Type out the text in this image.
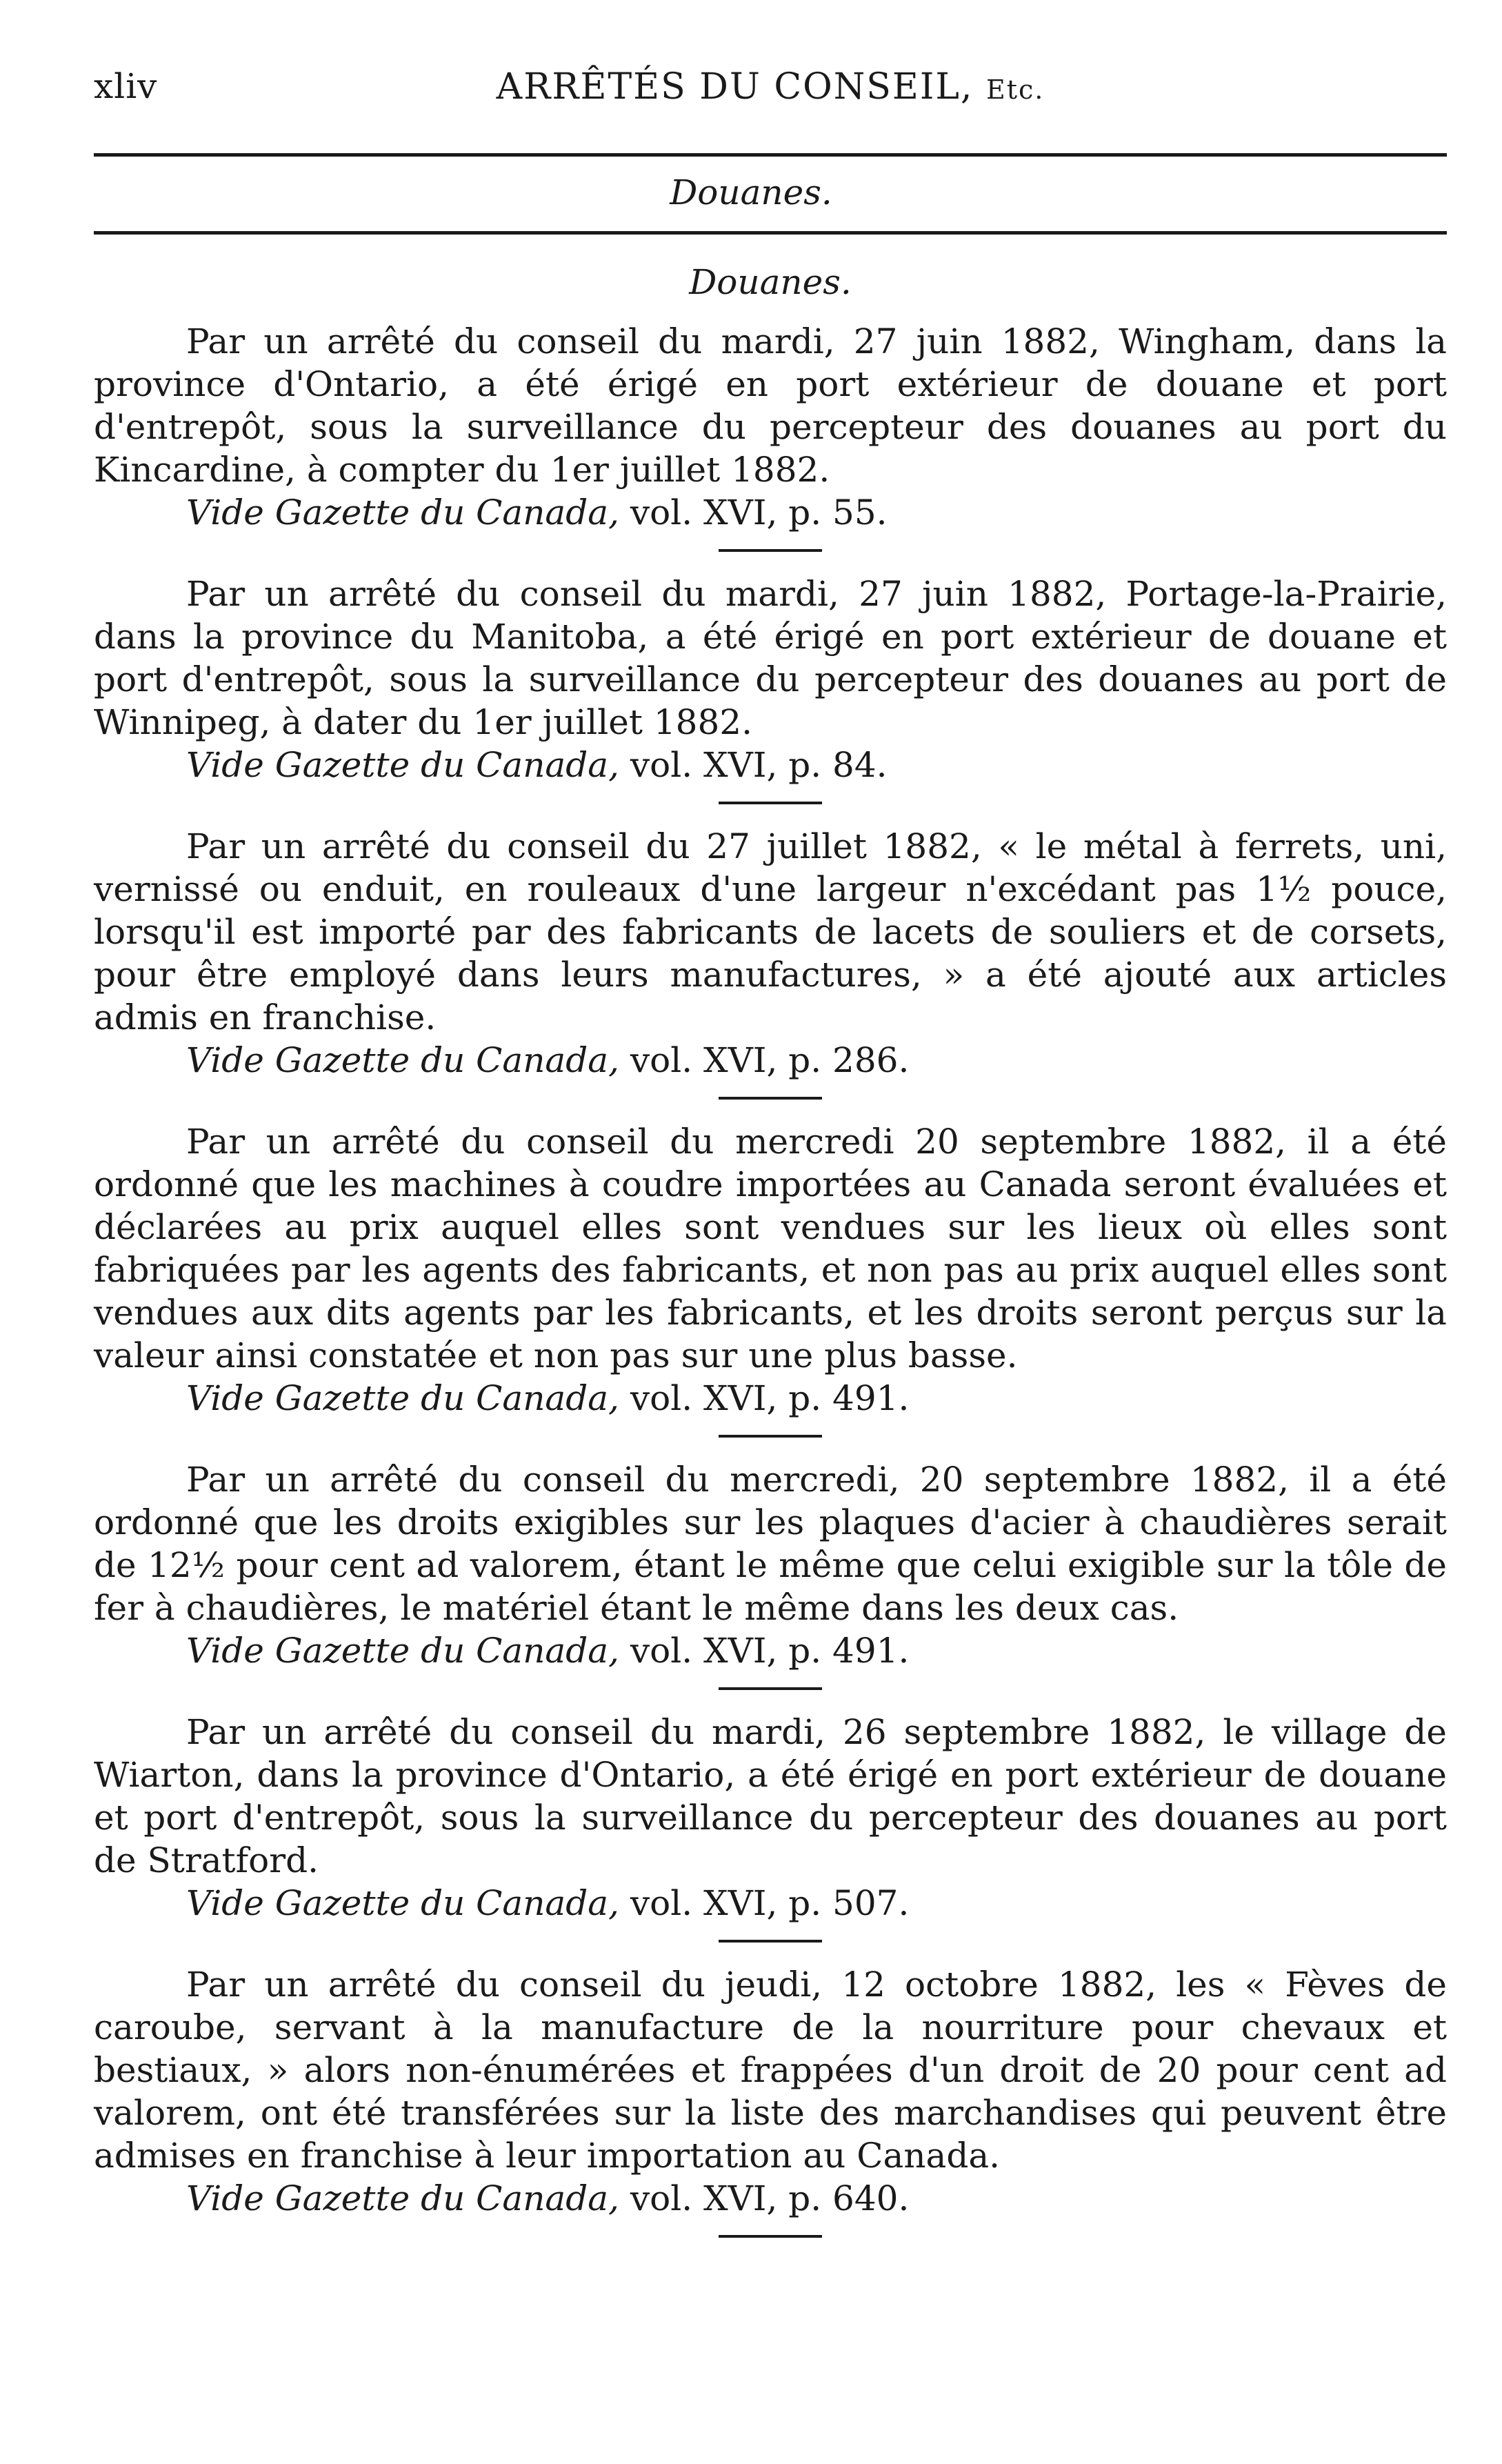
xliv	ARRÊTÉS DU CONSEIL, Etc.
Douanes.
Douanes.

Par un arrêté du conseil du mardi, 27 juin 1882, Wingham, dans la province d'Ontario, a été érigé en port extérieur de douane et port d'entrepôt, sous la surveillance du percepteur des douanes au port du Kincardine, à compter du 1er juillet 1882.

Vide Gazette du Canada, vol. XVI, p. 55.

Par un arrêté du conseil du mardi, 27 juin 1882, Portage-la-Prairie, dans la province du Manitoba, a été érigé en port extérieur de douane et port d'entrepôt, sous la surveillance du percepteur des douanes au port de Winnipeg, à dater du 1er juillet 1882.

Vide Gazette du Canada, vol. XVI, p. 84.

Par un arrêté du conseil du 27 juillet 1882, « le métal à ferrets, uni, vernissé ou enduit, en rouleaux d'une largeur n'excédant pas 1½ pouce, lorsqu'il est importé par des fabricants de lacets de souliers et de corsets, pour être employé dans leurs manufactures, » a été ajouté aux articles admis en franchise.

Vide Gazette du Canada, vol. XVI, p. 286.

Par un arrêté du conseil du mercredi 20 septembre 1882, il a été ordonné que les machines à coudre importées au Canada seront évaluées et déclarées au prix auquel elles sont vendues sur les lieux où elles sont fabriquées par les agents des fabricants, et non pas au prix auquel elles sont vendues aux dits agents par les fabricants, et les droits seront perçus sur la valeur ainsi constatée et non pas sur une plus basse.

Vide Gazette du Canada, vol. XVI, p. 491.

Par un arrêté du conseil du mercredi, 20 septembre 1882, il a été ordonné que les droits exigibles sur les plaques d'acier à chaudières serait de 12½ pour cent ad valorem, étant le même que celui exigible sur la tôle de fer à chaudières, le matériel étant le même dans les deux cas.

Vide Gazette du Canada, vol. XVI, p. 491.

Par un arrêté du conseil du mardi, 26 septembre 1882, le village de Wiarton, dans la province d'Ontario, a été érigé en port extérieur de douane et port d'entrepôt, sous la surveillance du percepteur des douanes au port de Stratford.

Vide Gazette du Canada, vol. XVI, p. 507.

Par un arrêté du conseil du jeudi, 12 octobre 1882, les « Fèves de caroube, servant à la manufacture de la nourriture pour chevaux et bestiaux, » alors non-énumérées et frappées d'un droit de 20 pour cent ad valorem, ont été transférées sur la liste des marchandises qui peuvent être admises en franchise à leur importation au Canada.

Vide Gazette du Canada, vol. XVI, p. 640.
